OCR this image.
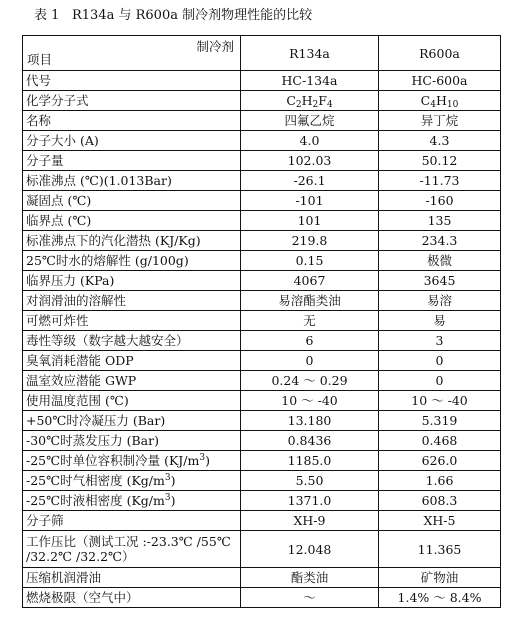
表 1 R134a 与 R600a 制冷剂物理性能的比较
制冷剂
项目	R134a	R600a
代号	HC-134a	HC-600a
化学分子式	$C_2H_2F_4$	$C_4H_{10}$
名称	四氟乙烷	异丁烷
分子大小 (A)	4.0	4.3
分子量	102.03	50.12
标准沸点 (℃)(1.013Bar)	-26.1	-11.73
凝固点 (℃)	-101	-160
临界点 (℃)	101	135
标准沸点下的汽化潜热 (KJ/Kg)	219.8	234.3
25℃时水的熔解性 (g/100g)	0.15	极微
临界压力 (KPa)	4067	3645
对润滑油的溶解性	易溶酯类油	易溶
可燃可炸性	无	易
毒性等级（数字越大越安全）	6	3
臭氧消耗潜能 ODP	0	0
温室效应潜能 GWP	0.24 ～ 0.29	0
使用温度范围 (℃)	10 ～ -40	10 ～ -40
+50℃时冷凝压力 (Bar)	13.180	5.319
-30℃时蒸发压力 (Bar)	0.8436	0.468
-25℃时单位容积制冷量 $(KJ/m^3)$	1185.0	626.0
-25℃时气相密度 $(Kg/m^3)$	5.50	1.66
-25℃时液相密度 $(Kg/m^3)$	1371.0	608.3
分子筛	XH-9	XH-5
工作压比（测试工况 :-23.3℃ /55℃ /32.2℃ /32.2℃）	12.048	11.365
压缩机润滑油	酯类油	矿物油
燃烧极限（空气中）	～	1.4% ～ 8.4%
